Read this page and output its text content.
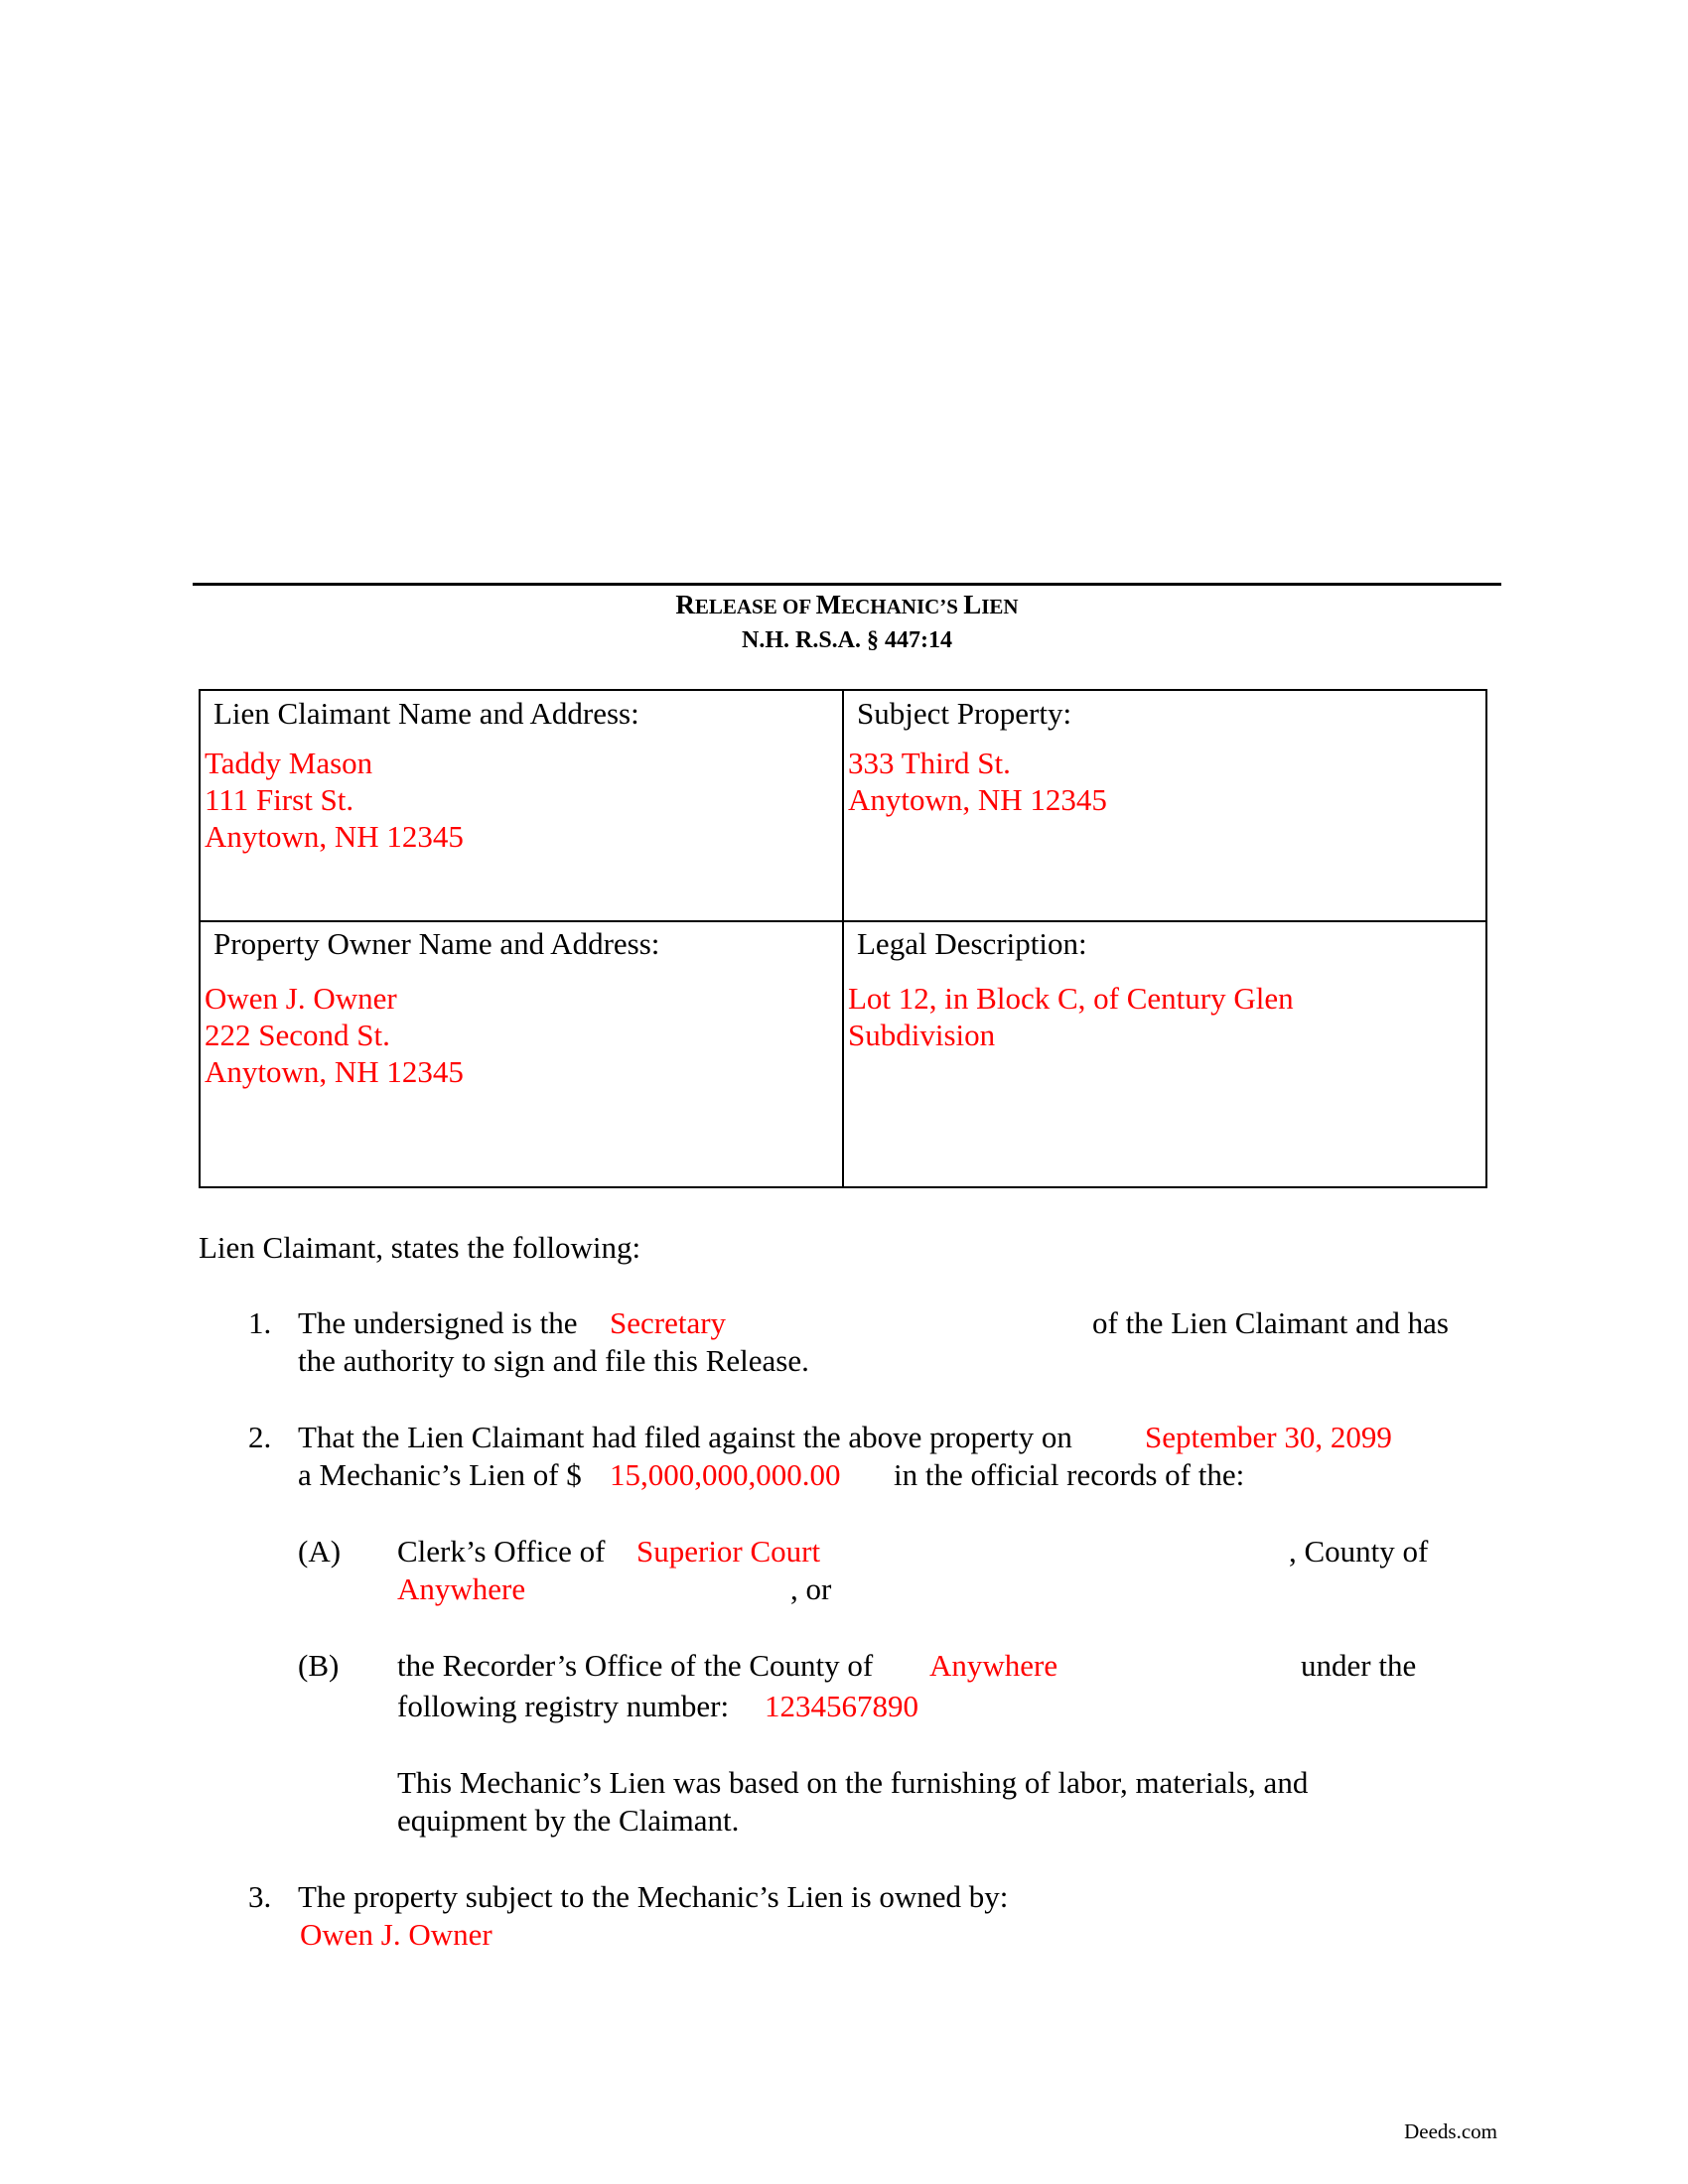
RELEASE OF MECHANIC’S LIEN
N.H. R.S.A. § 447:14
Lien Claimant Name and Address:
Taddy Mason
111 First St.
Anytown, NH 12345
Subject Property:
333 Third St.
Anytown, NH 12345
Property Owner Name and Address:
Owen J. Owner
222 Second St.
Anytown, NH 12345
Legal Description:
Lot 12, in Block C, of Century Glen
Subdivision
Lien Claimant, states the following:
1. The undersigned is the Secretary	of the Lien Claimant and has
the authority to sign and file this Release.
2. That the Lien Claimant had filed against the above property on September 30, 2099
a Mechanic’s Lien of $ 15,000,000,000.00 in the official records of the:
(A) Clerk’s Office of Superior Court	, County of
Anywhere	, or
(B) the Recorder’s Office of the County of Anywhere	under the
following registry number: 1234567890
This Mechanic’s Lien was based on the furnishing of labor, materials, and
equipment by the Claimant.
3. The property subject to the Mechanic’s Lien is owned by:
Owen J. Owner
Deeds.com
